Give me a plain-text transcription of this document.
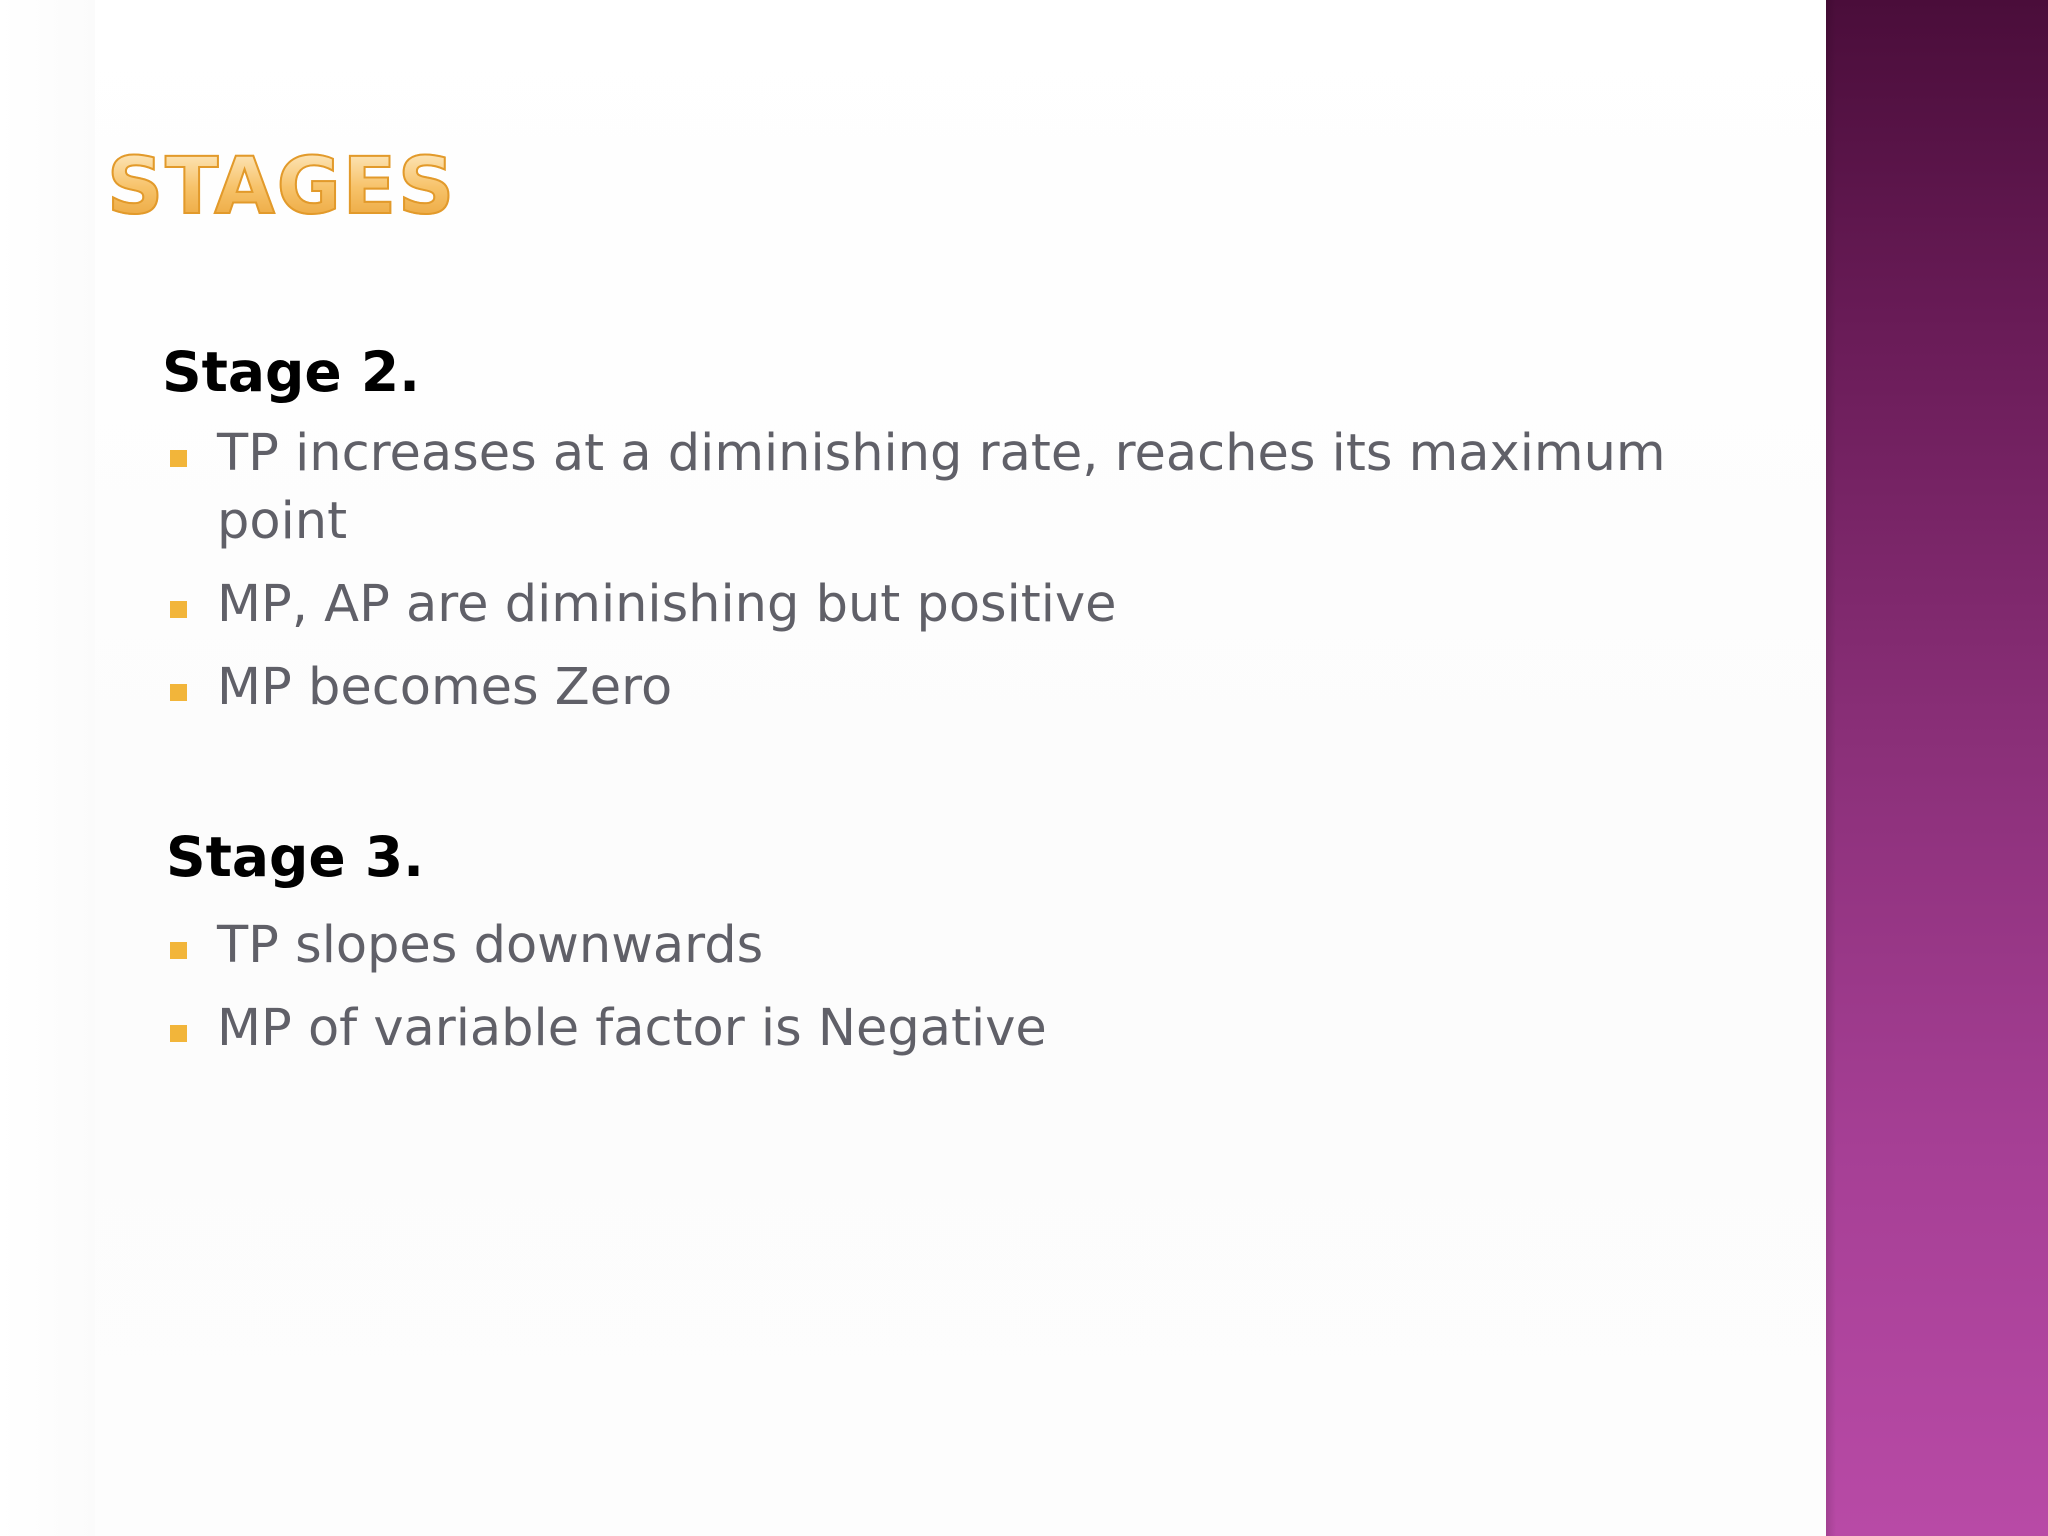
STAGES
Stage 2.
TP increases at a diminishing rate, reaches its maximum point
MP, AP are diminishing but positive
MP becomes Zero
Stage 3.
TP slopes downwards
MP of variable factor is Negative
